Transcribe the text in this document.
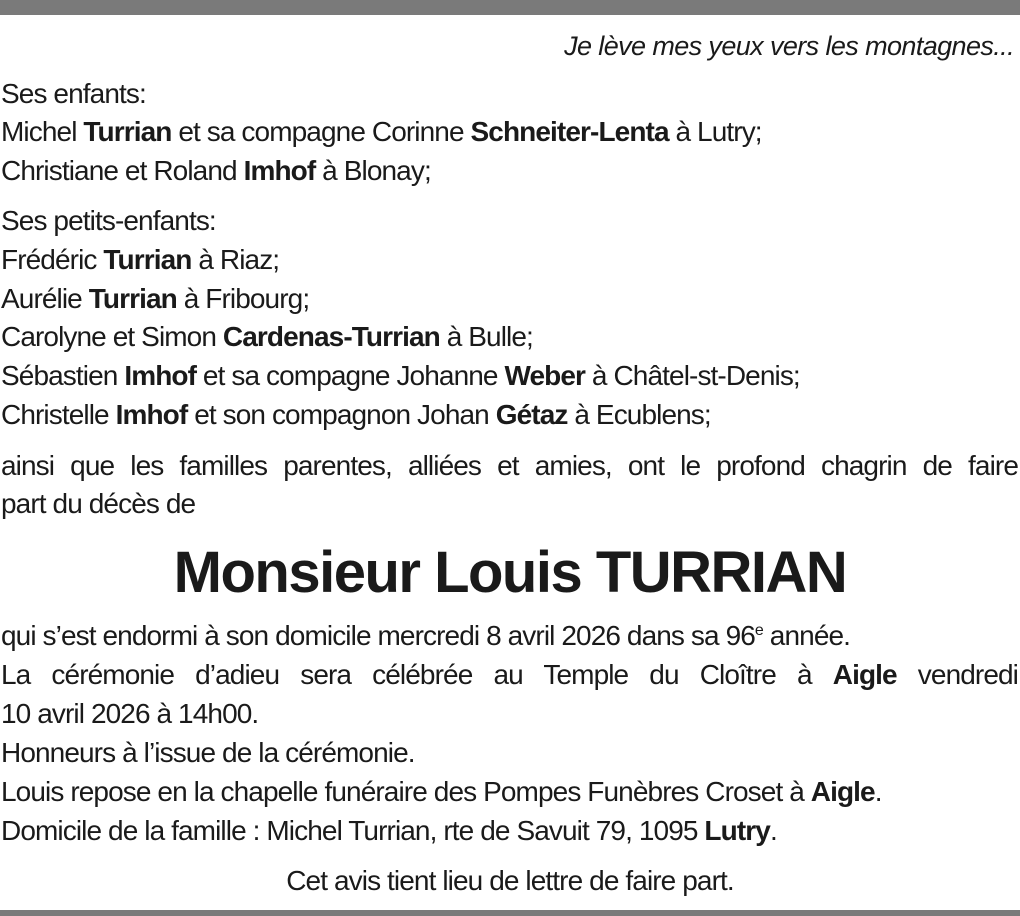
Je lève mes yeux vers les montagnes...
Ses enfants:
Michel Turrian et sa compagne Corinne Schneiter-Lenta à Lutry;
Christiane et Roland Imhof à Blonay;
Ses petits-enfants:
Frédéric Turrian à Riaz;
Aurélie Turrian à Fribourg;
Carolyne et Simon Cardenas-Turrian à Bulle;
Sébastien Imhof et sa compagne Johanne Weber à Châtel-st-Denis;
Christelle Imhof et son compagnon Johan Gétaz à Ecublens;
ainsi que les familles parentes, alliées et amies, ont le profond chagrin de faire
part du décès de
Monsieur Louis TURRIAN
qui s’est endormi à son domicile mercredi 8 avril 2026 dans sa 96e année.
La cérémonie d’adieu sera célébrée au Temple du Cloître à Aigle vendredi
10 avril 2026 à 14h00.
Honneurs à l’issue de la cérémonie.
Louis repose en la chapelle funéraire des Pompes Funèbres Croset à Aigle.
Domicile de la famille : Michel Turrian, rte de Savuit 79, 1095 Lutry.
Cet avis tient lieu de lettre de faire part.
